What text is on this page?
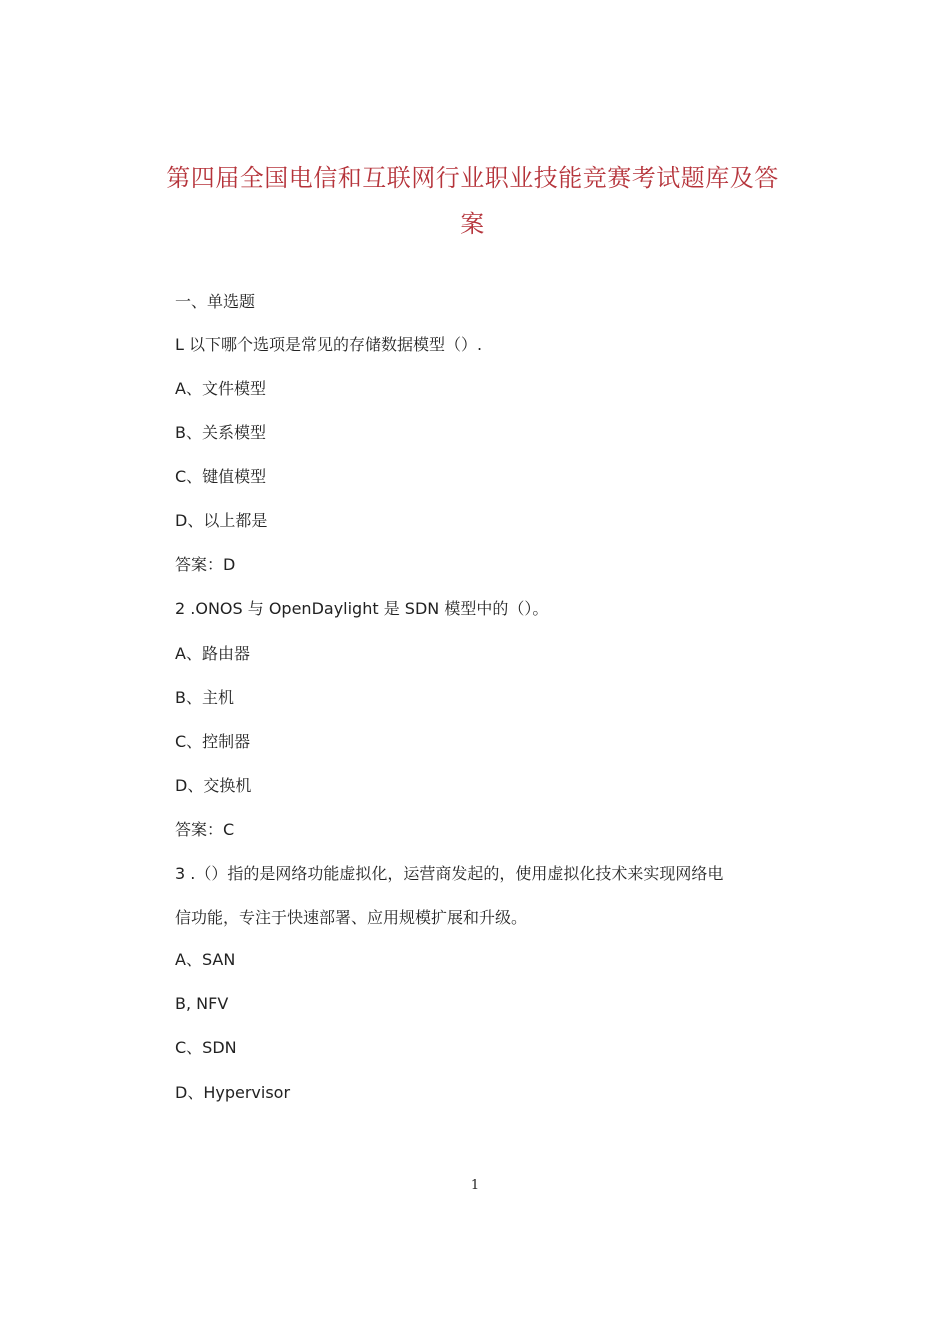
第四届全国电信和互联网行业职业技能竞赛考试题库及答
案

一、单选题

L 以下哪个选项是常见的存储数据模型（）.

A、文件模型

B、关系模型

C、键值模型

D、以上都是

答案：D

2 .ONOS 与 OpenDaylight 是 SDN 模型中的（）。

A、路由器

B、主机

C、控制器

D、交换机

答案：C

3 .（）指的是网络功能虚拟化，运营商发起的，使用虚拟化技术来实现网络电

信功能，专注于快速部署、应用规模扩展和升级。

A、SAN

B, NFV

C、SDN

D、Hypervisor

1
